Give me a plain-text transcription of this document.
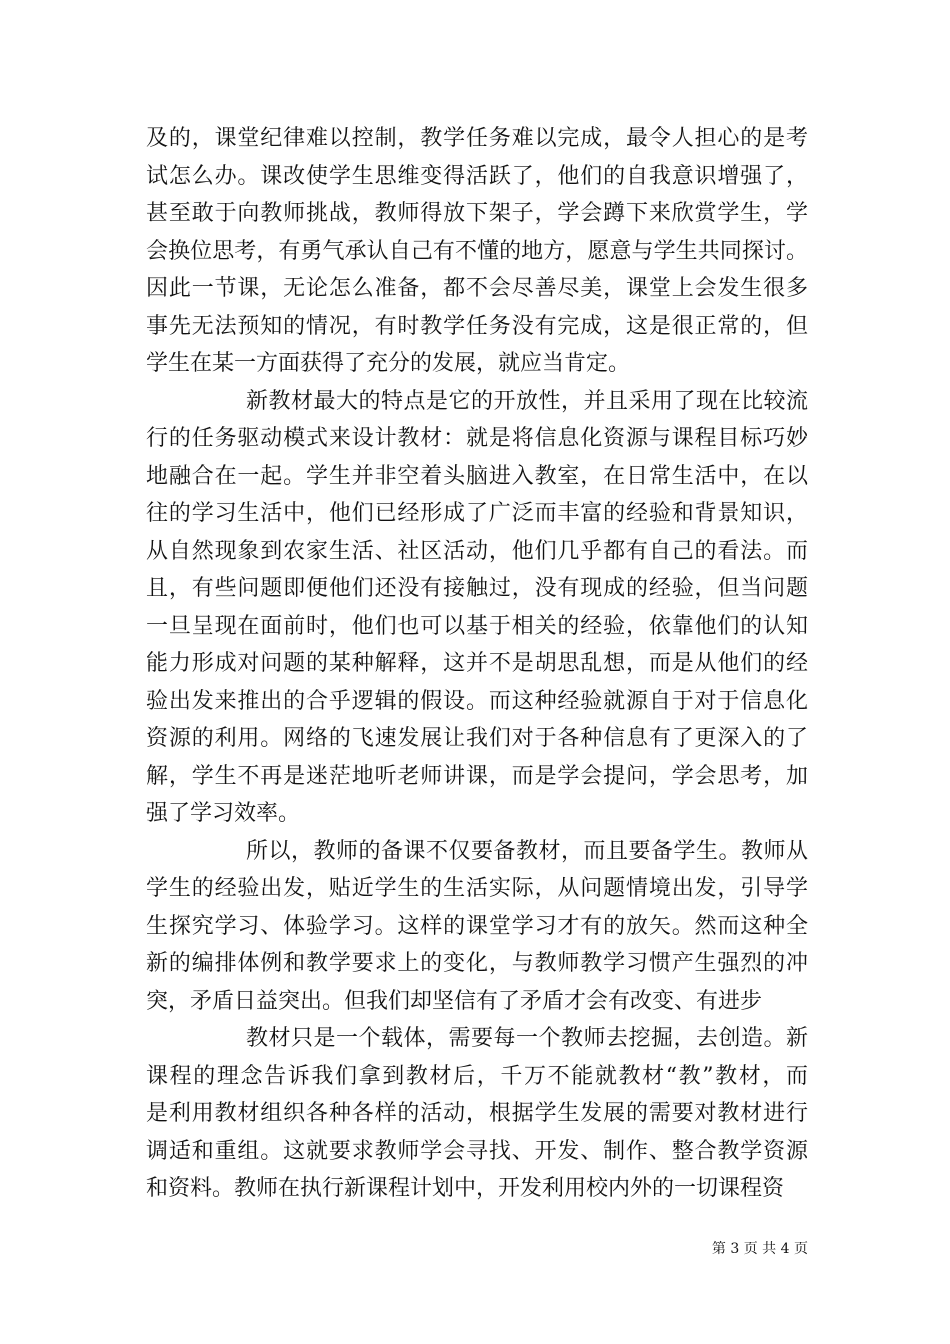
及的，课堂纪律难以控制，教学任务难以完成，最令人担心的是考
试怎么办。课改使学生思维变得活跃了，他们的自我意识增强了，
甚至敢于向教师挑战，教师得放下架子，学会蹲下来欣赏学生，学
会换位思考，有勇气承认自己有不懂的地方，愿意与学生共同探讨。
因此一节课，无论怎么准备，都不会尽善尽美，课堂上会发生很多
事先无法预知的情况，有时教学任务没有完成，这是很正常的，但
学生在某一方面获得了充分的发展，就应当肯定。
新教材最大的特点是它的开放性，并且采用了现在比较流
行的任务驱动模式来设计教材：就是将信息化资源与课程目标巧妙
地融合在一起。学生并非空着头脑进入教室，在日常生活中，在以
往的学习生活中，他们已经形成了广泛而丰富的经验和背景知识，
从自然现象到农家生活、社区活动，他们几乎都有自己的看法。而
且，有些问题即便他们还没有接触过，没有现成的经验，但当问题
一旦呈现在面前时，他们也可以基于相关的经验，依靠他们的认知
能力形成对问题的某种解释，这并不是胡思乱想，而是从他们的经
验出发来推出的合乎逻辑的假设。而这种经验就源自于对于信息化
资源的利用。网络的飞速发展让我们对于各种信息有了更深入的了
解，学生不再是迷茫地听老师讲课，而是学会提问，学会思考，加
强了学习效率。
所以，教师的备课不仅要备教材，而且要备学生。教师从
学生的经验出发，贴近学生的生活实际，从问题情境出发，引导学
生探究学习、体验学习。这样的课堂学习才有的放矢。然而这种全
新的编排体例和教学要求上的变化，与教师教学习惯产生强烈的冲
突，矛盾日益突出。但我们却坚信有了矛盾才会有改变、有进步
教材只是一个载体，需要每一个教师去挖掘，去创造。新
课程的理念告诉我们拿到教材后，千万不能就教材“教”教材，而
是利用教材组织各种各样的活动，根据学生发展的需要对教材进行
调适和重组。这就要求教师学会寻找、开发、制作、整合教学资源
和资料。教师在执行新课程计划中，开发利用校内外的一切课程资
第 3 页 共 4 页
